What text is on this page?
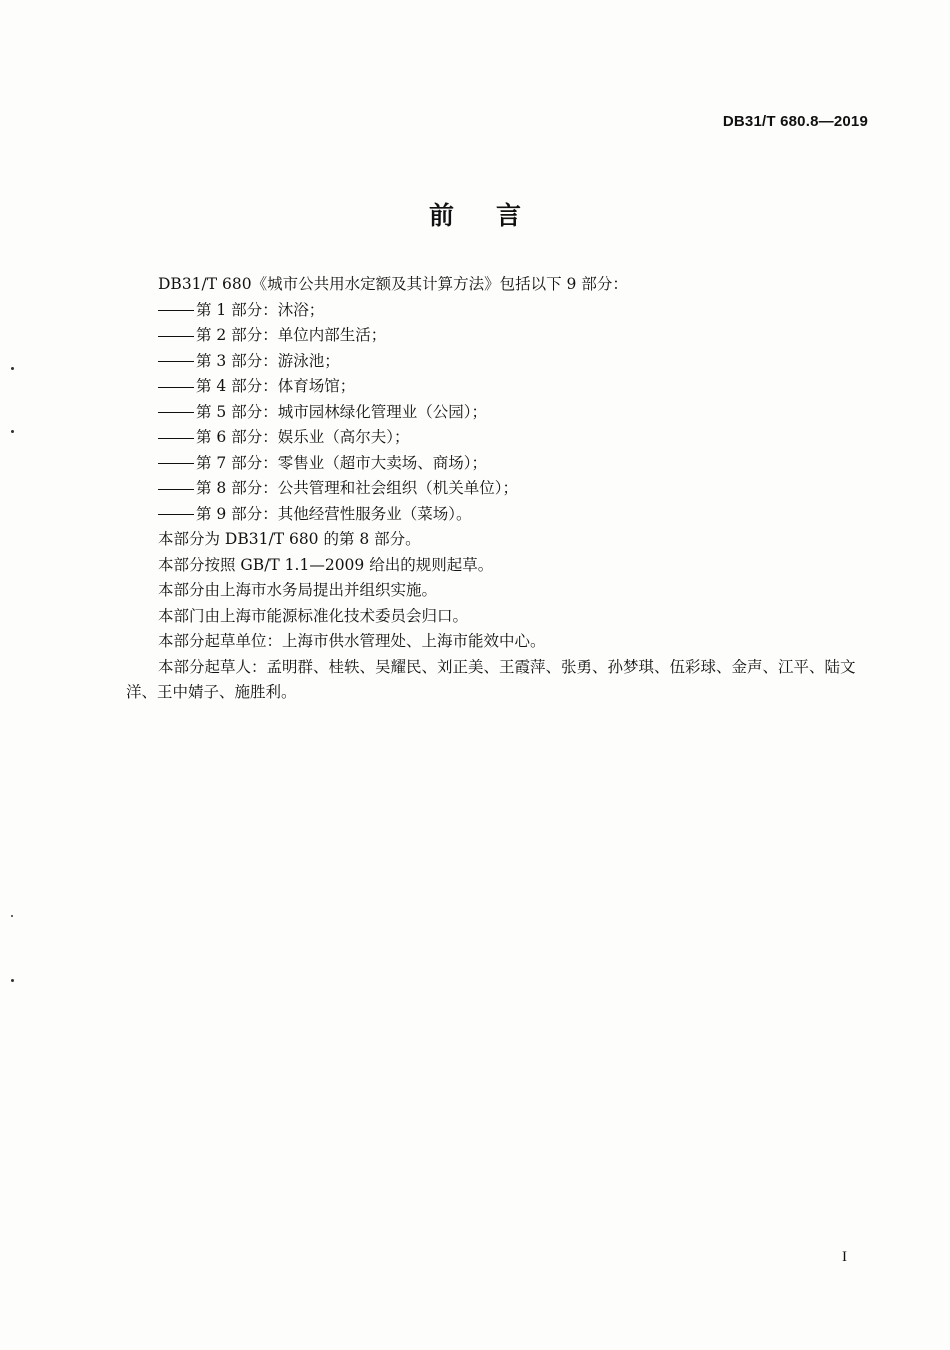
DB31/T 680.8—2019
前言

DB31/T 680《城市公共用水定额及其计算方法》包括以下 9 部分：

第 1 部分：沐浴；
第 2 部分：单位内部生活；
第 3 部分：游泳池；
第 4 部分：体育场馆；
第 5 部分：城市园林绿化管理业（公园）；
第 6 部分：娱乐业（高尔夫）；
第 7 部分：零售业（超市大卖场、商场）；
第 8 部分：公共管理和社会组织（机关单位）；
第 9 部分：其他经营性服务业（菜场）。

本部分为 DB31/T 680 的第 8 部分。

本部分按照 GB/T 1.1—2009 给出的规则起草。

本部分由上海市水务局提出并组织实施。

本部门由上海市能源标准化技术委员会归口。

本部分起草单位：上海市供水管理处、上海市能效中心。

本部分起草人：孟明群、桂轶、吴耀民、刘正美、王霞萍、张勇、孙梦琪、伍彩球、金声、江平、陆文洋、王中婧子、施胜利。

I
